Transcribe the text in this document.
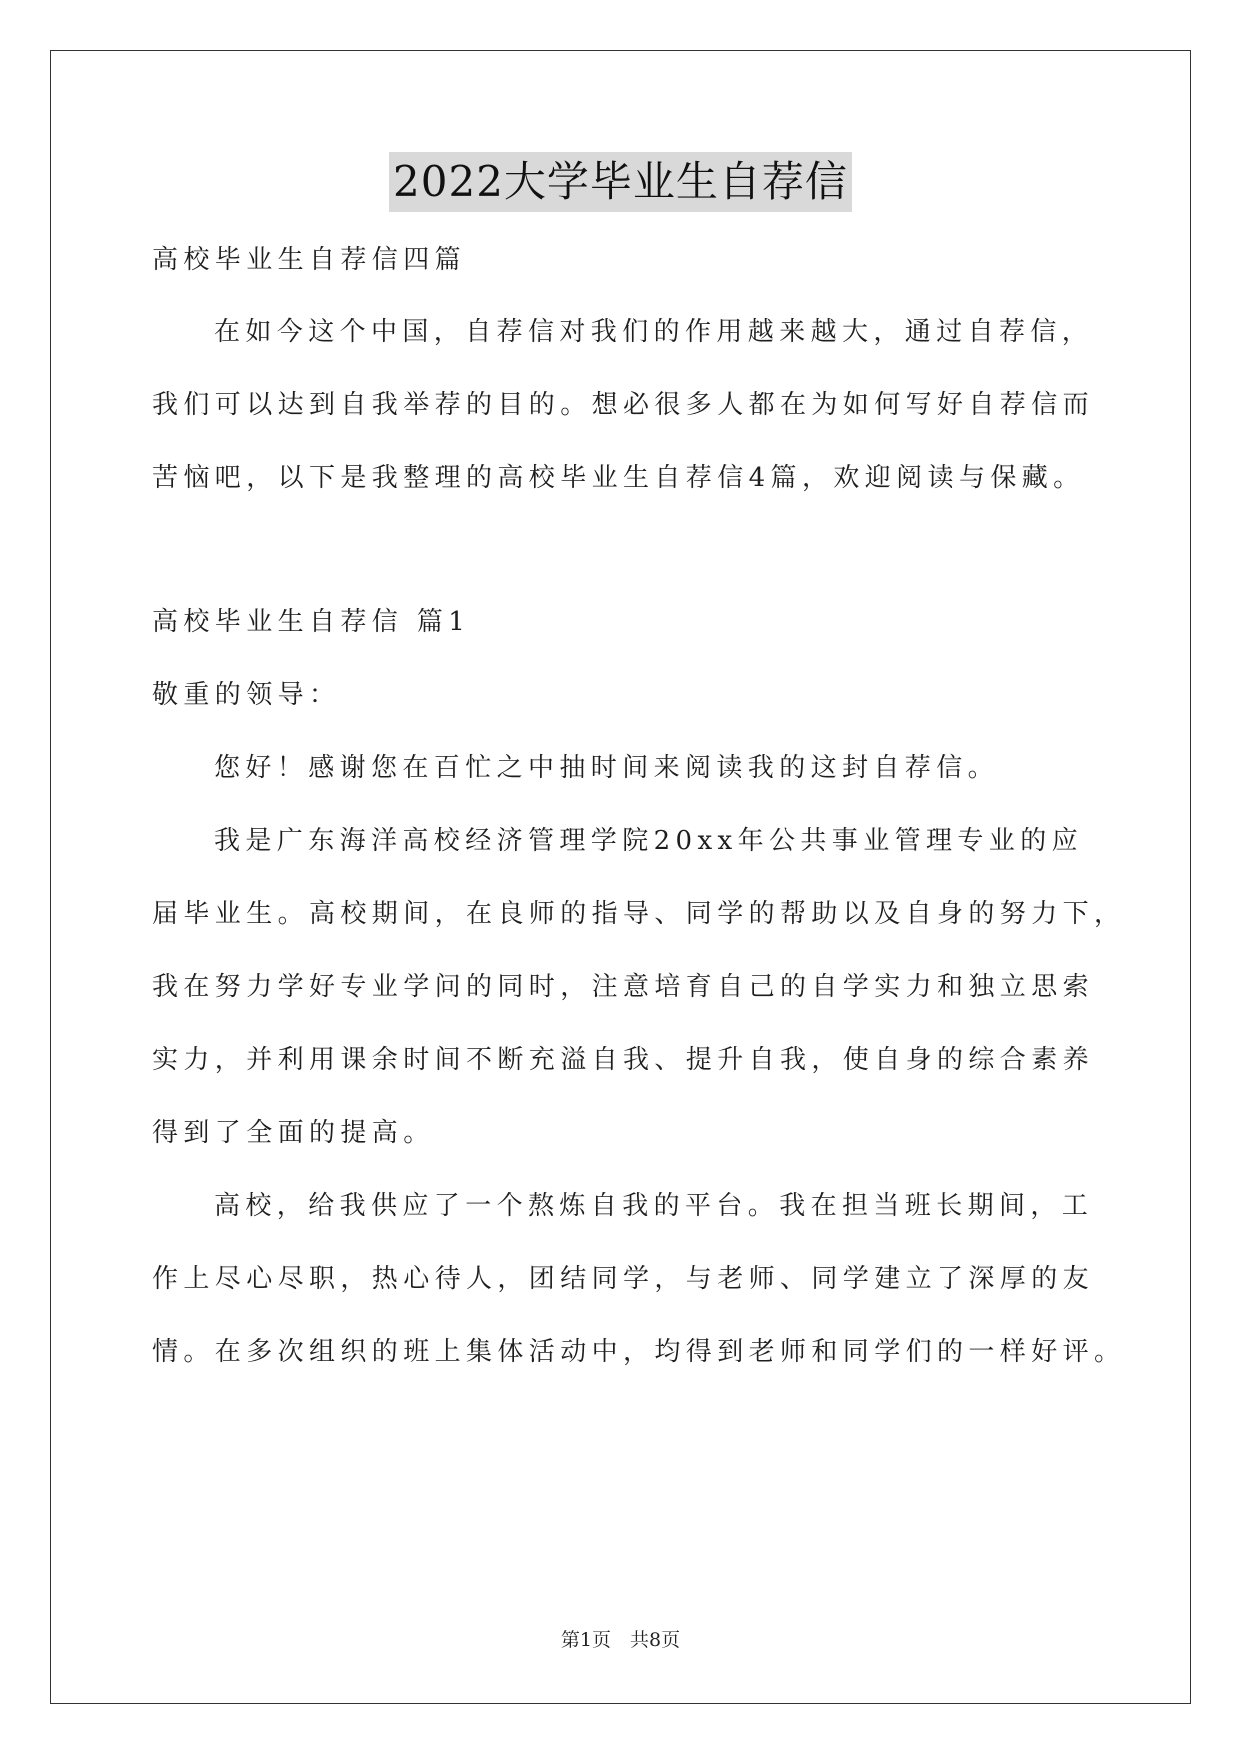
2022大学毕业生自荐信
高校毕业生自荐信四篇
在如今这个中国，自荐信对我们的作用越来越大，通过自荐信，
我们可以达到自我举荐的目的。想必很多人都在为如何写好自荐信而
苦恼吧，以下是我整理的高校毕业生自荐信4篇，欢迎阅读与保藏。
高校毕业生自荐信 篇1
敬重的领导：
您好！感谢您在百忙之中抽时间来阅读我的这封自荐信。
我是广东海洋高校经济管理学院20xx年公共事业管理专业的应
届毕业生。高校期间，在良师的指导、同学的帮助以及自身的努力下，
我在努力学好专业学问的同时，注意培育自己的自学实力和独立思索
实力，并利用课余时间不断充溢自我、提升自我，使自身的综合素养
得到了全面的提高。
高校，给我供应了一个熬炼自我的平台。我在担当班长期间，工
作上尽心尽职，热心待人，团结同学，与老师、同学建立了深厚的友
情。在多次组织的班上集体活动中，均得到老师和同学们的一样好评。
第1页　共8页
